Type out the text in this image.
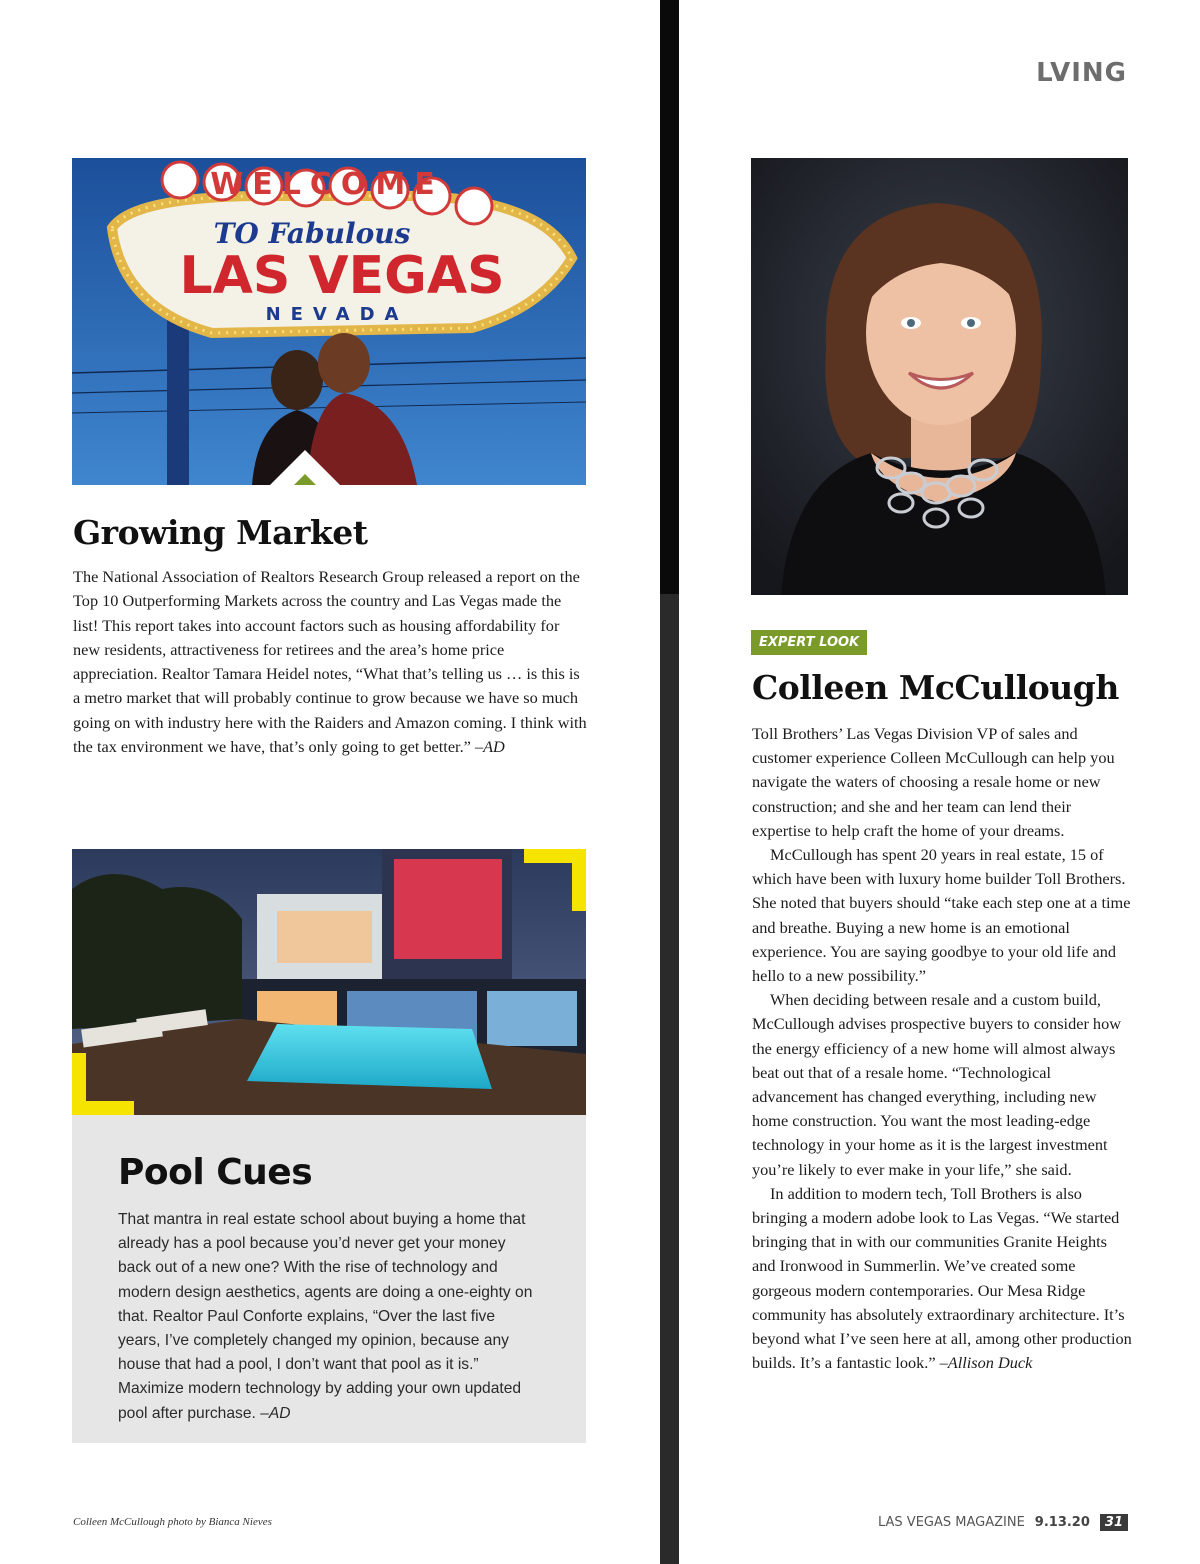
LVING
WELCOME
TO Fabulous
LAS VEGAS
NEVADA
Growing Market
The National Association of Realtors Research Group released a report on the Top 10 Outperforming Markets across the country and Las Vegas made the list! This report takes into account factors such as housing affordability for new residents, attractiveness for retirees and the area’s home price appreciation. Realtor Tamara Heidel notes, “What that’s telling us … is this is a metro market that will probably continue to grow because we have so much going on with industry here with the Raiders and Amazon coming. I think with the tax environment we have, that’s only going to get better.” –AD
Pool Cues
That mantra in real estate school about buying a home that already has a pool because you’d never get your money back out of a new one? With the rise of technology and modern design aesthetics, agents are doing a one-eighty on that. Realtor Paul Conforte explains, “Over the last five years, I’ve completely changed my opinion, because any house that had a pool, I don’t want that pool as it is.” Maximize modern technology by adding your own updated pool after purchase. –AD
EXPERT LOOK
Colleen McCullough

Toll Brothers’ Las Vegas Division VP of sales and customer experience Colleen McCullough can help you navigate the waters of choosing a resale home or new construction; and she and her team can lend their expertise to help craft the home of your dreams.

McCullough has spent 20 years in real estate, 15 of which have been with luxury home builder Toll Brothers. She noted that buyers should “take each step one at a time and breathe. Buying a new home is an emotional experience. You are saying goodbye to your old life and hello to a new possibility.”

When deciding between resale and a custom build, McCullough advises prospective buyers to consider how the energy efficiency of a new home will almost always beat out that of a resale home. “Technological advancement has changed everything, including new home construction. You want the most leading-edge technology in your home as it is the largest investment you’re likely to ever make in your life,” she said.

In addition to modern tech, Toll Brothers is also bringing a modern adobe look to Las Vegas. “We started bringing that in with our communities Granite Heights and Ironwood in Summerlin. We’ve created some gorgeous modern contemporaries. Our Mesa Ridge community has absolutely extraordinary architecture. It’s beyond what I’ve seen here at all, among other production builds. It’s a fantastic look.” –Allison Duck

Colleen McCullough photo by Bianca Nieves	LAS VEGAS MAGAZINE 9.13.20	31
